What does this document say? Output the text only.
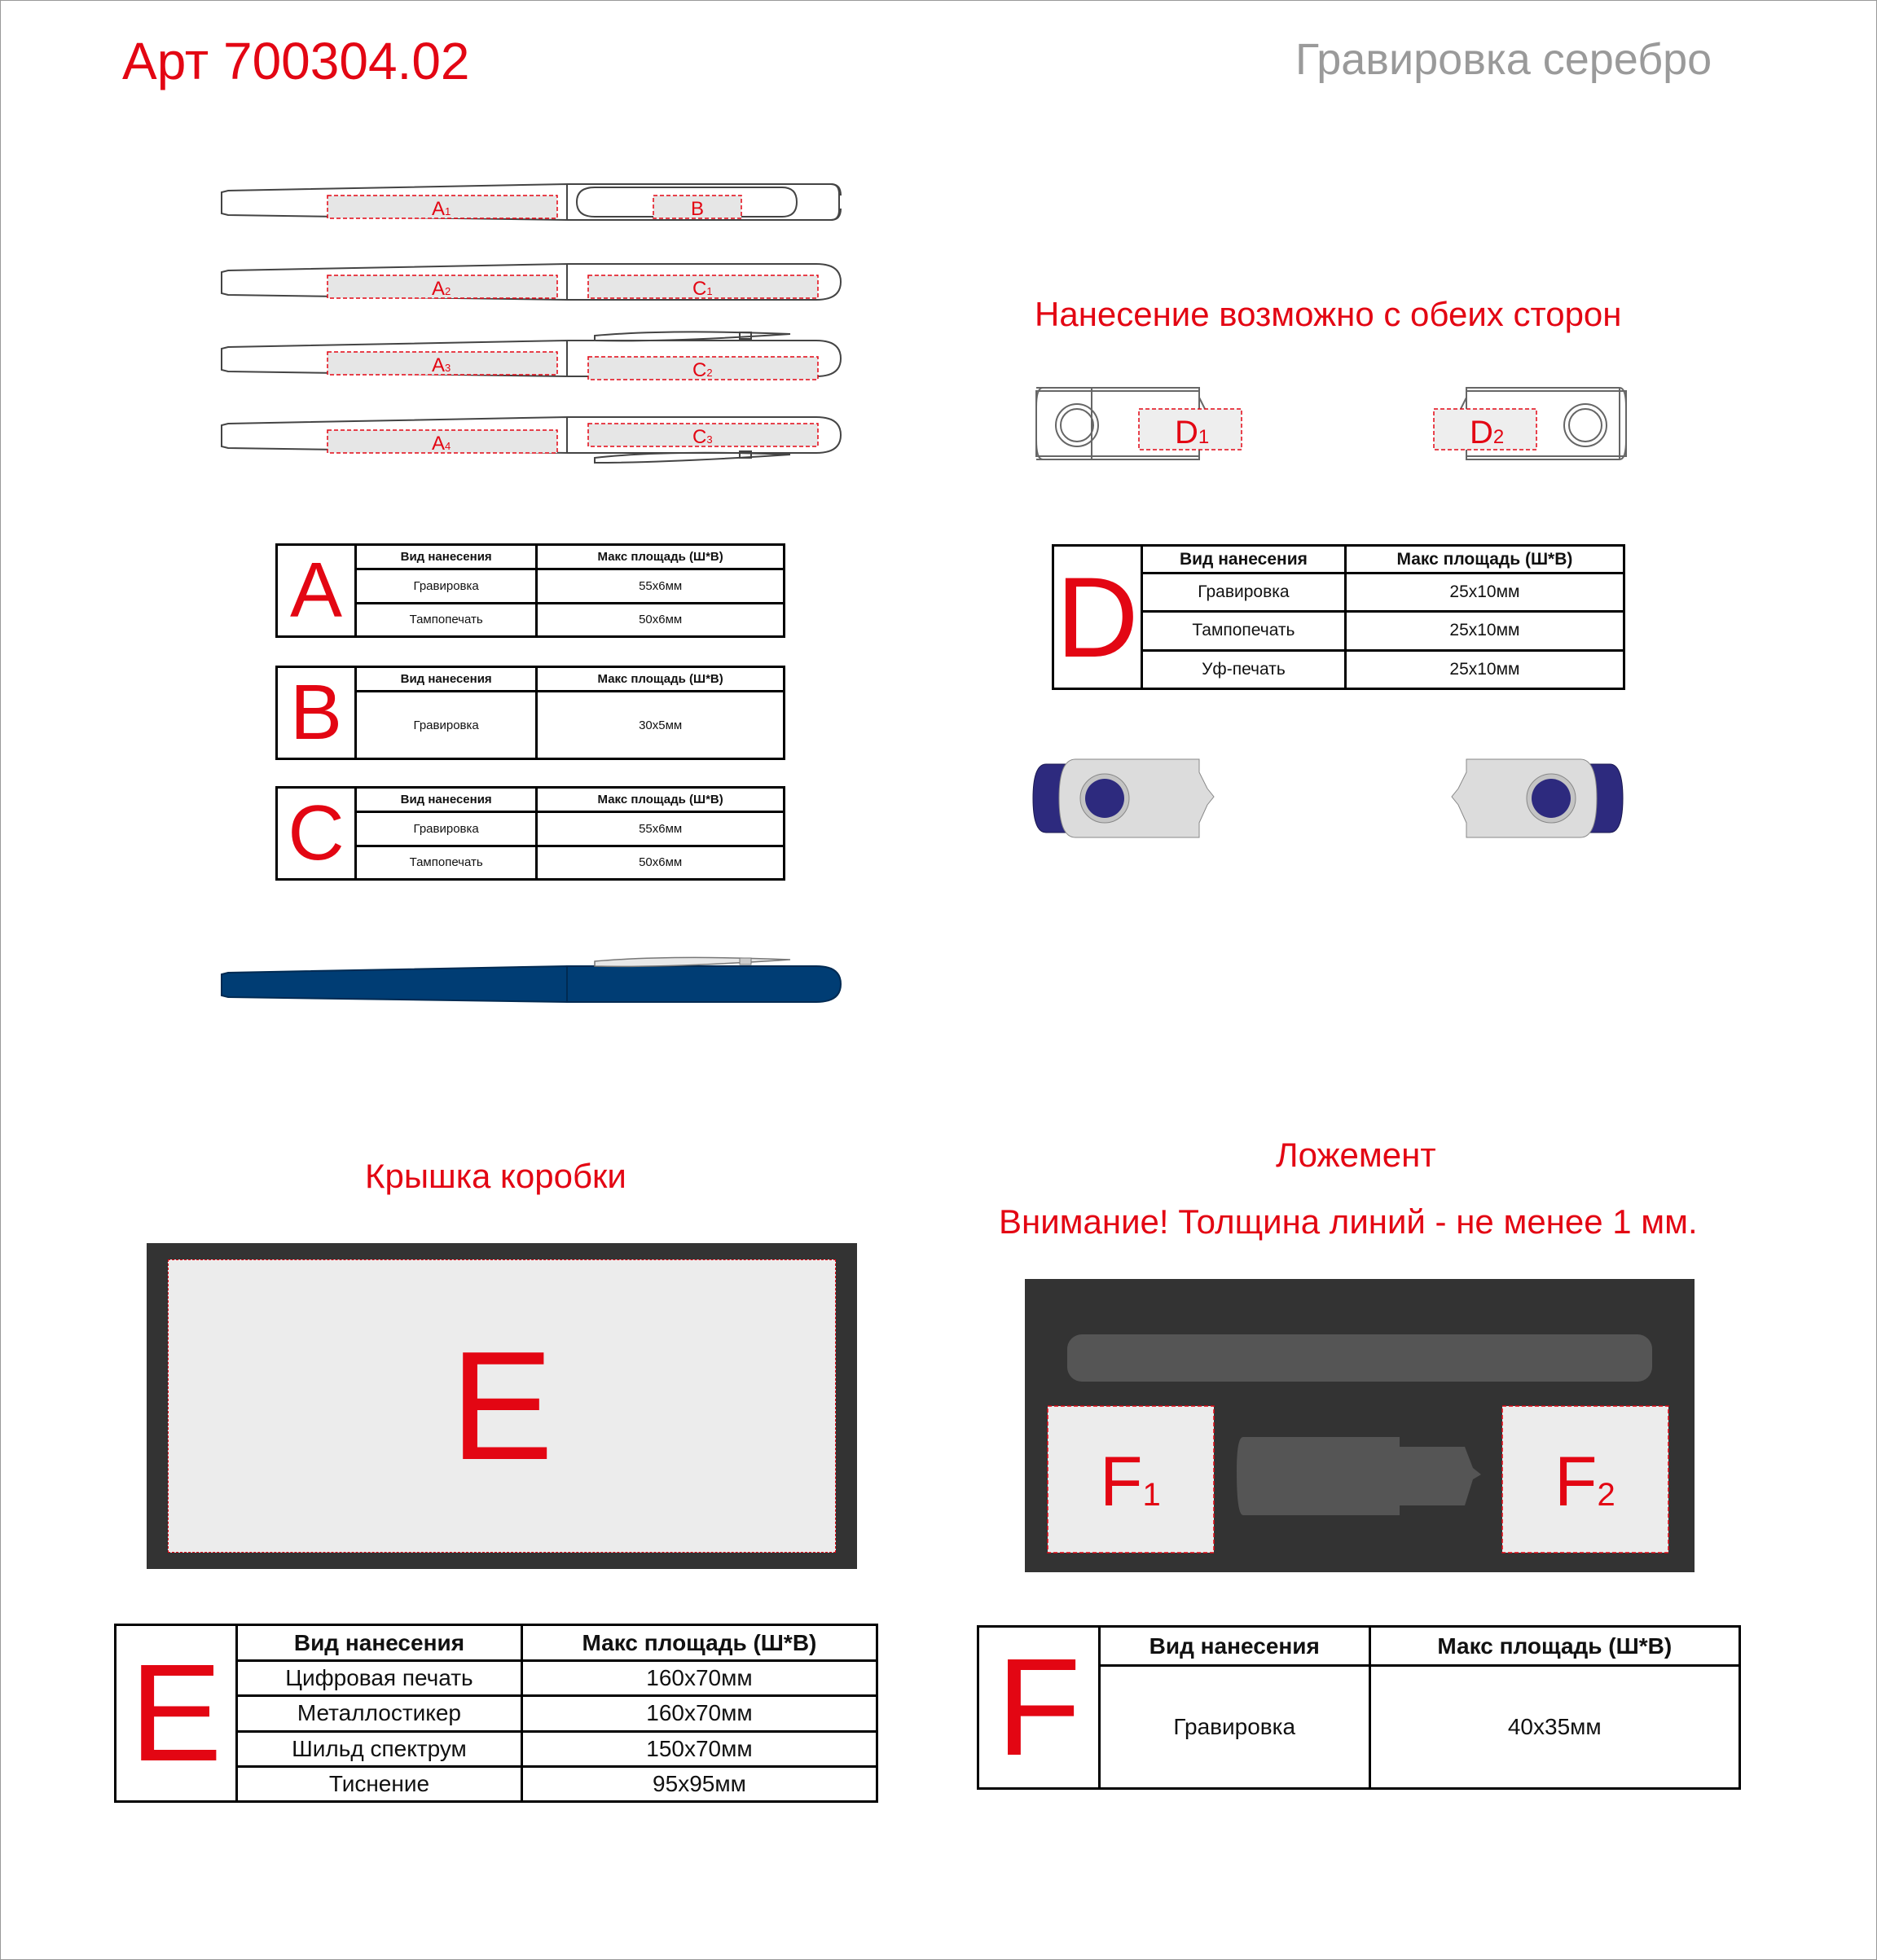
Арт 700304.02	Гравировка серебро
A1	B
A2	C1
A3	C2
A4	C3
A	Вид нанесения	Макс площадь (Ш*В)
	Гравировка	55х6мм
	Тампопечать	50х6мм
B	Вид нанесения	Макс площадь (Ш*В)
	Гравировка	30х5мм
C	Вид нанесения	Макс площадь (Ш*В)
	Гравировка	55х6мм
	Тампопечать	50х6мм
Нанесение возможно с обеих сторон
D1	D2
D	Вид нанесения	Макс площадь (Ш*В)
	Гравировка	25х10мм
	Тампопечать	25х10мм
	Уф-печать	25х10мм
Крышка коробки
E
E	Вид нанесения	Макс площадь (Ш*В)
	Цифровая печать	160х70мм
	Металлостикер	160х70мм
	Шильд спектрум	150х70мм
	Тиснение	95х95мм
Ложемент
Внимание! Толщина линий - не менее 1 мм.
F1	F2
F	Вид нанесения	Макс площадь (Ш*В)
	Гравировка	40х35мм
